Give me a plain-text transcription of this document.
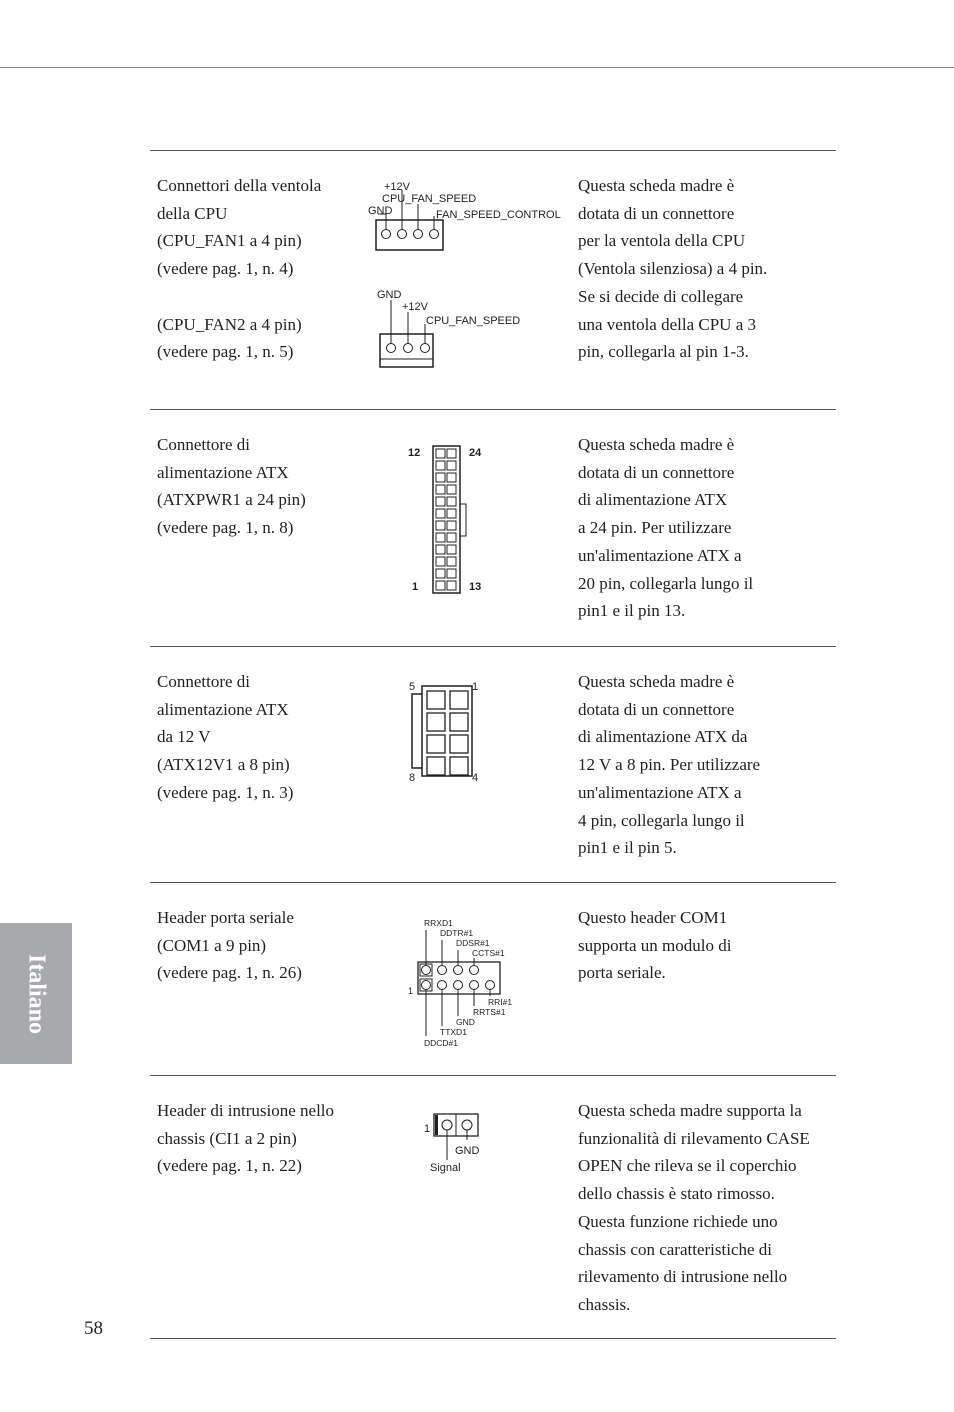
Italiano
58
Connettori della ventola
della CPU
(CPU_FAN1 a 4 pin)
(vedere pag. 1, n. 4)

(CPU_FAN2 a 4 pin)
(vedere pag. 1, n. 5)
Questa scheda madre è
dotata di un connettore
per la ventola della CPU
(Ventola silenziosa) a 4 pin.
Se si decide di collegare
una ventola della CPU a 3
pin, collegarla al pin 1-3.
+12V
CPU_FAN_SPEED
GND	FAN_SPEED_CONTROL
GND
+12V
CPU_FAN_SPEED
Connettore di
alimentazione ATX
(ATXPWR1 a 24 pin)
(vedere pag. 1, n. 8)
Questa scheda madre è
dotata di un connettore
di alimentazione ATX
a 24 pin. Per utilizzare
un'alimentazione ATX a
20 pin, collegarla lungo il
pin1 e il pin 13.
12	24
1	13
Connettore di
alimentazione ATX
da 12 V
(ATX12V1 a 8 pin)
(vedere pag. 1, n. 3)
Questa scheda madre è
dotata di un connettore
di alimentazione ATX da
12 V a 8 pin. Per utilizzare
un'alimentazione ATX a
4 pin, collegarla lungo il
pin1 e il pin 5.
5	1
8	4
Header porta seriale
(COM1 a 9 pin)
(vedere pag. 1, n. 26)
Questo header COM1
supporta un modulo di
porta seriale.
RRXD1
DDTR#1
DDSR#1
CCTS#1
1
RRI#1
RRTS#1
GND
TTXD1
DDCD#1
Header di intrusione nello
chassis (CI1 a 2 pin)
(vedere pag. 1, n. 22)
Questa scheda madre supporta la
funzionalità di rilevamento CASE
OPEN che rileva se il coperchio
dello chassis è stato rimosso.
Questa funzione richiede uno
chassis con caratteristiche di
rilevamento di intrusione nello
chassis.
1
GND
Signal
